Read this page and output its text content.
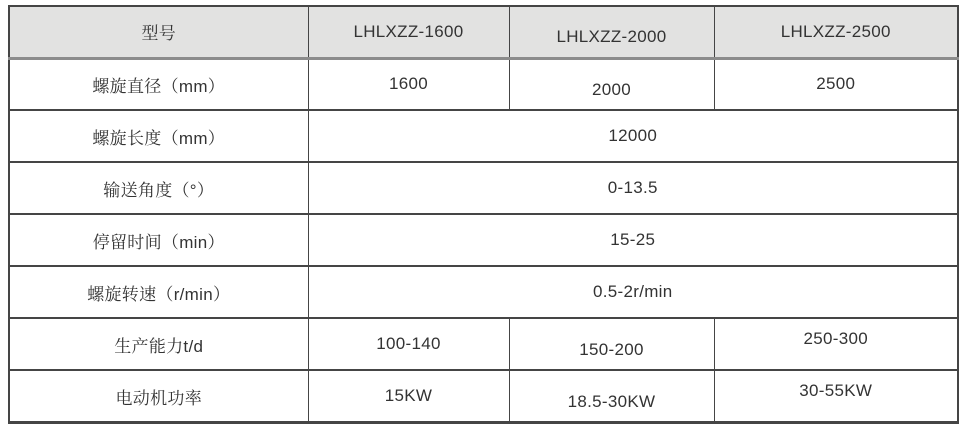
型号	LHLXZZ-1600	LHLXZZ-2000	LHLXZZ-2500
螺旋直径（mm）	1600	2000	2500
螺旋长度（mm）	12000		
输送角度（°）	0-13.5		
停留时间（min）	15-25		
螺旋转速（r/min）	0.5-2r/min		
生产能力t/d	100-140	150-200	250-300
电动机功率	15KW	18.5-30KW	30-55KW
